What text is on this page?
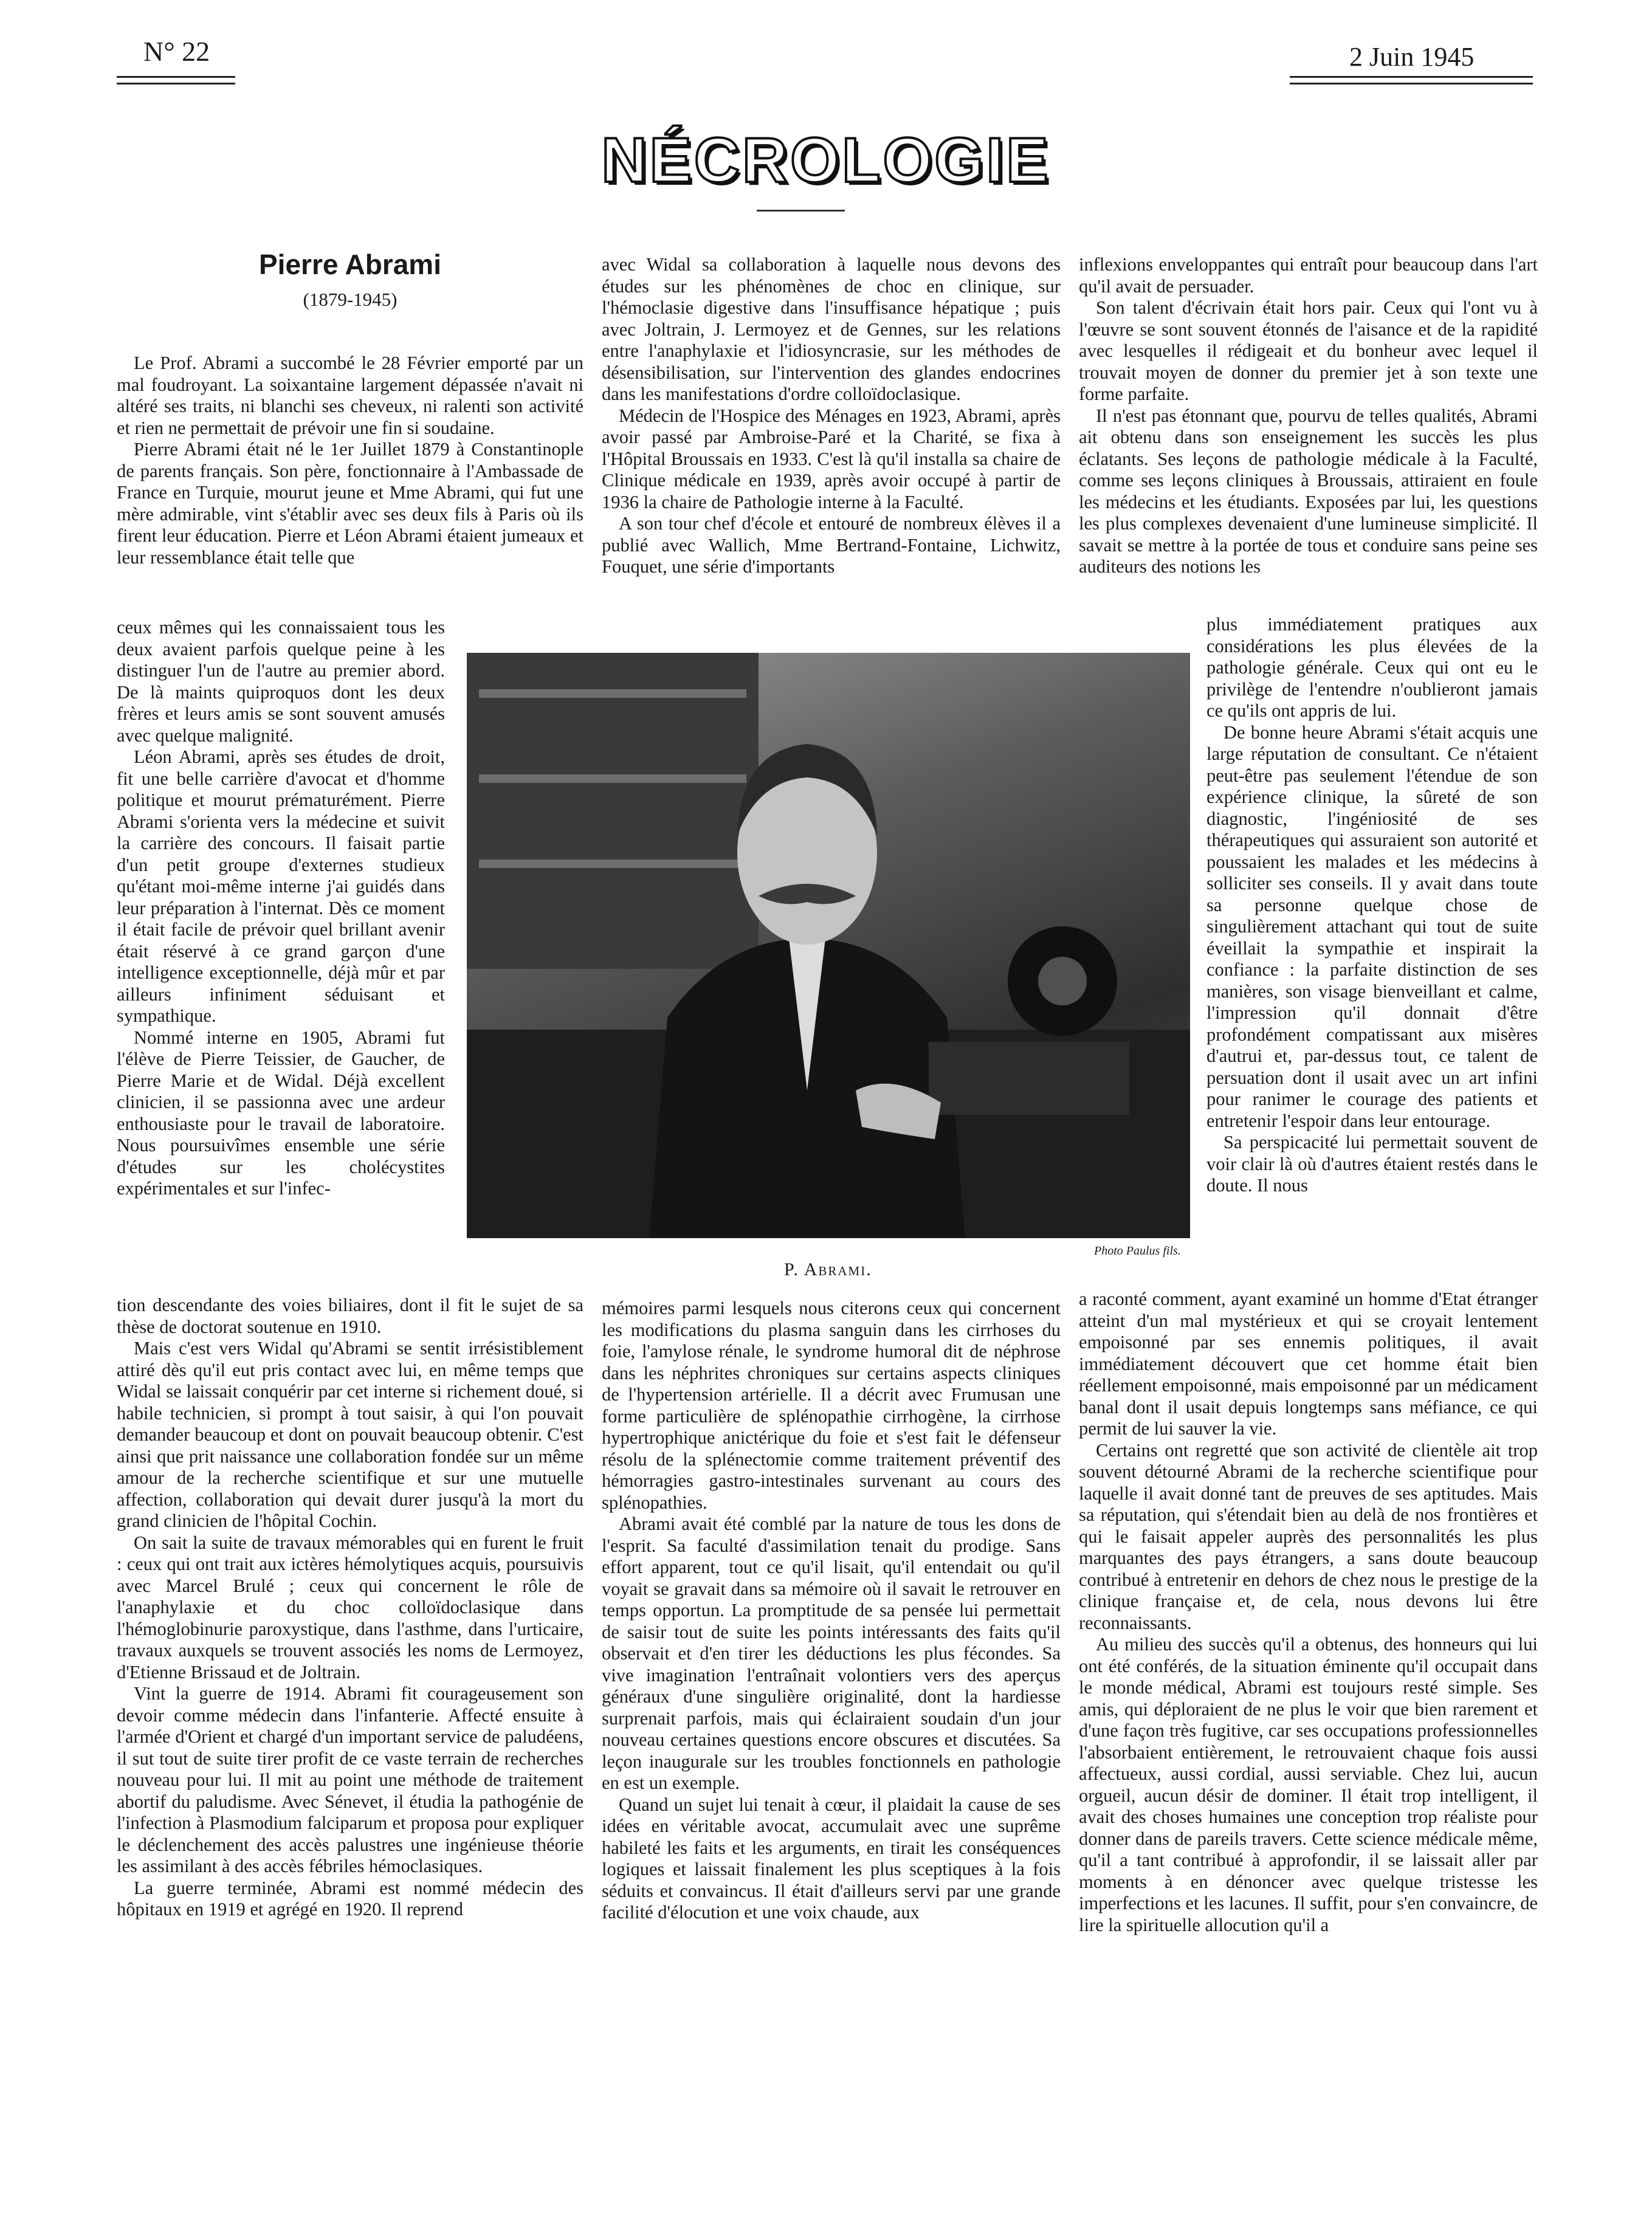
N° 22	2 Juin 1945
NÉCROLOGIE
Pierre Abrami
(1879-1945)

Le Prof. Abrami a succombé le 28 Février emporté par un mal foudroyant. La soixantaine largement dépassée n'avait ni altéré ses traits, ni blanchi ses cheveux, ni ralenti son activité et rien ne permettait de prévoir une fin si soudaine.

Pierre Abrami était né le 1er Juillet 1879 à Constantinople de parents français. Son père, fonctionnaire à l'Ambassade de France en Turquie, mourut jeune et Mme Abrami, qui fut une mère admirable, vint s'établir avec ses deux fils à Paris où ils firent leur éducation. Pierre et Léon Abrami étaient jumeaux et leur ressemblance était telle que

ceux mêmes qui les connaissaient tous les deux avaient parfois quelque peine à les distinguer l'un de l'autre au premier abord. De là maints quiproquos dont les deux frères et leurs amis se sont souvent amusés avec quelque malignité.

Léon Abrami, après ses études de droit, fit une belle carrière d'avocat et d'homme politique et mourut prématurément. Pierre Abrami s'orienta vers la médecine et suivit la carrière des concours. Il faisait partie d'un petit groupe d'externes studieux qu'étant moi-même interne j'ai guidés dans leur préparation à l'internat. Dès ce moment il était facile de prévoir quel brillant avenir était réservé à ce grand garçon d'une intelligence exceptionnelle, déjà mûr et par ailleurs infiniment séduisant et sympathique.

Nommé interne en 1905, Abrami fut l'élève de Pierre Teissier, de Gaucher, de Pierre Marie et de Widal. Déjà excellent clinicien, il se passionna avec une ardeur enthousiaste pour le travail de laboratoire. Nous poursuivîmes ensemble une série d'études sur les cholécystites expérimentales et sur l'infec-

tion descendante des voies biliaires, dont il fit le sujet de sa thèse de doctorat soutenue en 1910.

Mais c'est vers Widal qu'Abrami se sentit irrésistiblement attiré dès qu'il eut pris contact avec lui, en même temps que Widal se laissait conquérir par cet interne si richement doué, si habile technicien, si prompt à tout saisir, à qui l'on pouvait demander beaucoup et dont on pouvait beaucoup obtenir. C'est ainsi que prit naissance une collaboration fondée sur un même amour de la recherche scientifique et sur une mutuelle affection, collaboration qui devait durer jusqu'à la mort du grand clinicien de l'hôpital Cochin.

On sait la suite de travaux mémorables qui en furent le fruit : ceux qui ont trait aux ictères hémolytiques acquis, poursuivis avec Marcel Brulé ; ceux qui concernent le rôle de l'anaphylaxie et du choc colloïdoclasique dans l'hémoglobinurie paroxystique, dans l'asthme, dans l'urticaire, travaux auxquels se trouvent associés les noms de Lermoyez, d'Etienne Brissaud et de Joltrain.

Vint la guerre de 1914. Abrami fit courageusement son devoir comme médecin dans l'infanterie. Affecté ensuite à l'armée d'Orient et chargé d'un important service de paludéens, il sut tout de suite tirer profit de ce vaste terrain de recherches nouveau pour lui. Il mit au point une méthode de traitement abortif du paludisme. Avec Sénevet, il étudia la pathogénie de l'infection à Plasmodium falciparum et proposa pour expliquer le déclenchement des accès palustres une ingénieuse théorie les assimilant à des accès fébriles hémoclasiques.

La guerre terminée, Abrami est nommé médecin des hôpitaux en 1919 et agrégé en 1920. Il reprend

avec Widal sa collaboration à laquelle nous devons des études sur les phénomènes de choc en clinique, sur l'hémoclasie digestive dans l'insuffisance hépatique ; puis avec Joltrain, J. Lermoyez et de Gennes, sur les relations entre l'anaphylaxie et l'idiosyncrasie, sur les méthodes de désensibilisation, sur l'intervention des glandes endocrines dans les manifestations d'ordre colloïdoclasique.

Médecin de l'Hospice des Ménages en 1923, Abrami, après avoir passé par Ambroise-Paré et la Charité, se fixa à l'Hôpital Broussais en 1933. C'est là qu'il installa sa chaire de Clinique médicale en 1939, après avoir occupé à partir de 1936 la chaire de Pathologie interne à la Faculté.

A son tour chef d'école et entouré de nombreux élèves il a publié avec Wallich, Mme Bertrand-Fontaine, Lichwitz, Fouquet, une série d'importants

mémoires parmi lesquels nous citerons ceux qui concernent les modifications du plasma sanguin dans les cirrhoses du foie, l'amylose rénale, le syndrome humoral dit de néphrose dans les néphrites chroniques sur certains aspects cliniques de l'hypertension artérielle. Il a décrit avec Frumusan une forme particulière de splénopathie cirrhogène, la cirrhose hypertrophique anictérique du foie et s'est fait le défenseur résolu de la splénectomie comme traitement préventif des hémorragies gastro-intestinales survenant au cours des splénopathies.

Abrami avait été comblé par la nature de tous les dons de l'esprit. Sa faculté d'assimilation tenait du prodige. Sans effort apparent, tout ce qu'il lisait, qu'il entendait ou qu'il voyait se gravait dans sa mémoire où il savait le retrouver en temps opportun. La promptitude de sa pensée lui permettait de saisir tout de suite les points intéressants des faits qu'il observait et d'en tirer les déductions les plus fécondes. Sa vive imagination l'entraînait volontiers vers des aperçus généraux d'une singulière originalité, dont la hardiesse surprenait parfois, mais qui éclairaient soudain d'un jour nouveau certaines questions encore obscures et discutées. Sa leçon inaugurale sur les troubles fonctionnels en pathologie en est un exemple.

Quand un sujet lui tenait à cœur, il plaidait la cause de ses idées en véritable avocat, accumulait avec une suprême habileté les faits et les arguments, en tirait les conséquences logiques et laissait finalement les plus sceptiques à la fois séduits et convaincus. Il était d'ailleurs servi par une grande facilité d'élocution et une voix chaude, aux

inflexions enveloppantes qui entraît pour beaucoup dans l'art qu'il avait de persuader.

Son talent d'écrivain était hors pair. Ceux qui l'ont vu à l'œuvre se sont souvent étonnés de l'aisance et de la rapidité avec lesquelles il rédigeait et du bonheur avec lequel il trouvait moyen de donner du premier jet à son texte une forme parfaite.

Il n'est pas étonnant que, pourvu de telles qualités, Abrami ait obtenu dans son enseignement les succès les plus éclatants. Ses leçons de pathologie médicale à la Faculté, comme ses leçons cliniques à Broussais, attiraient en foule les médecins et les étudiants. Exposées par lui, les questions les plus complexes devenaient d'une lumineuse simplicité. Il savait se mettre à la portée de tous et conduire sans peine ses auditeurs des notions les

plus immédiatement pratiques aux considérations les plus élevées de la pathologie générale. Ceux qui ont eu le privilège de l'entendre n'oublieront jamais ce qu'ils ont appris de lui.

De bonne heure Abrami s'était acquis une large réputation de consultant. Ce n'étaient peut-être pas seulement l'étendue de son expérience clinique, la sûreté de son diagnostic, l'ingéniosité de ses thérapeutiques qui assuraient son autorité et poussaient les malades et les médecins à solliciter ses conseils. Il y avait dans toute sa personne quelque chose de singulièrement attachant qui tout de suite éveillait la sympathie et inspirait la confiance : la parfaite distinction de ses manières, son visage bienveillant et calme, l'impression qu'il donnait d'être profondément compatissant aux misères d'autrui et, par-dessus tout, ce talent de persuation dont il usait avec un art infini pour ranimer le courage des patients et entretenir l'espoir dans leur entourage.

Sa perspicacité lui permettait souvent de voir clair là où d'autres étaient restés dans le doute. Il nous

a raconté comment, ayant examiné un homme d'Etat étranger atteint d'un mal mystérieux et qui se croyait lentement empoisonné par ses ennemis politiques, il avait immédiatement découvert que cet homme était bien réellement empoisonné, mais empoisonné par un médicament banal dont il usait depuis longtemps sans méfiance, ce qui permit de lui sauver la vie.

Certains ont regretté que son activité de clientèle ait trop souvent détourné Abrami de la recherche scientifique pour laquelle il avait donné tant de preuves de ses aptitudes. Mais sa réputation, qui s'étendait bien au delà de nos frontières et qui le faisait appeler auprès des personnalités les plus marquantes des pays étrangers, a sans doute beaucoup contribué à entretenir en dehors de chez nous le prestige de la clinique française et, de cela, nous devons lui être reconnaissants.

Au milieu des succès qu'il a obtenus, des honneurs qui lui ont été conférés, de la situation éminente qu'il occupait dans le monde médical, Abrami est toujours resté simple. Ses amis, qui déploraient de ne plus le voir que bien rarement et d'une façon très fugitive, car ses occupations professionnelles l'absorbaient entièrement, le retrouvaient chaque fois aussi affectueux, aussi cordial, aussi serviable. Chez lui, aucun orgueil, aucun désir de dominer. Il était trop intelligent, il avait des choses humaines une conception trop réaliste pour donner dans de pareils travers. Cette science médicale même, qu'il a tant contribué à approfondir, il se laissait aller par moments à en dénoncer avec quelque tristesse les imperfections et les lacunes. Il suffit, pour s'en convaincre, de lire la spirituelle allocution qu'il a

Photo Paulus fils.
P. Abrami.
